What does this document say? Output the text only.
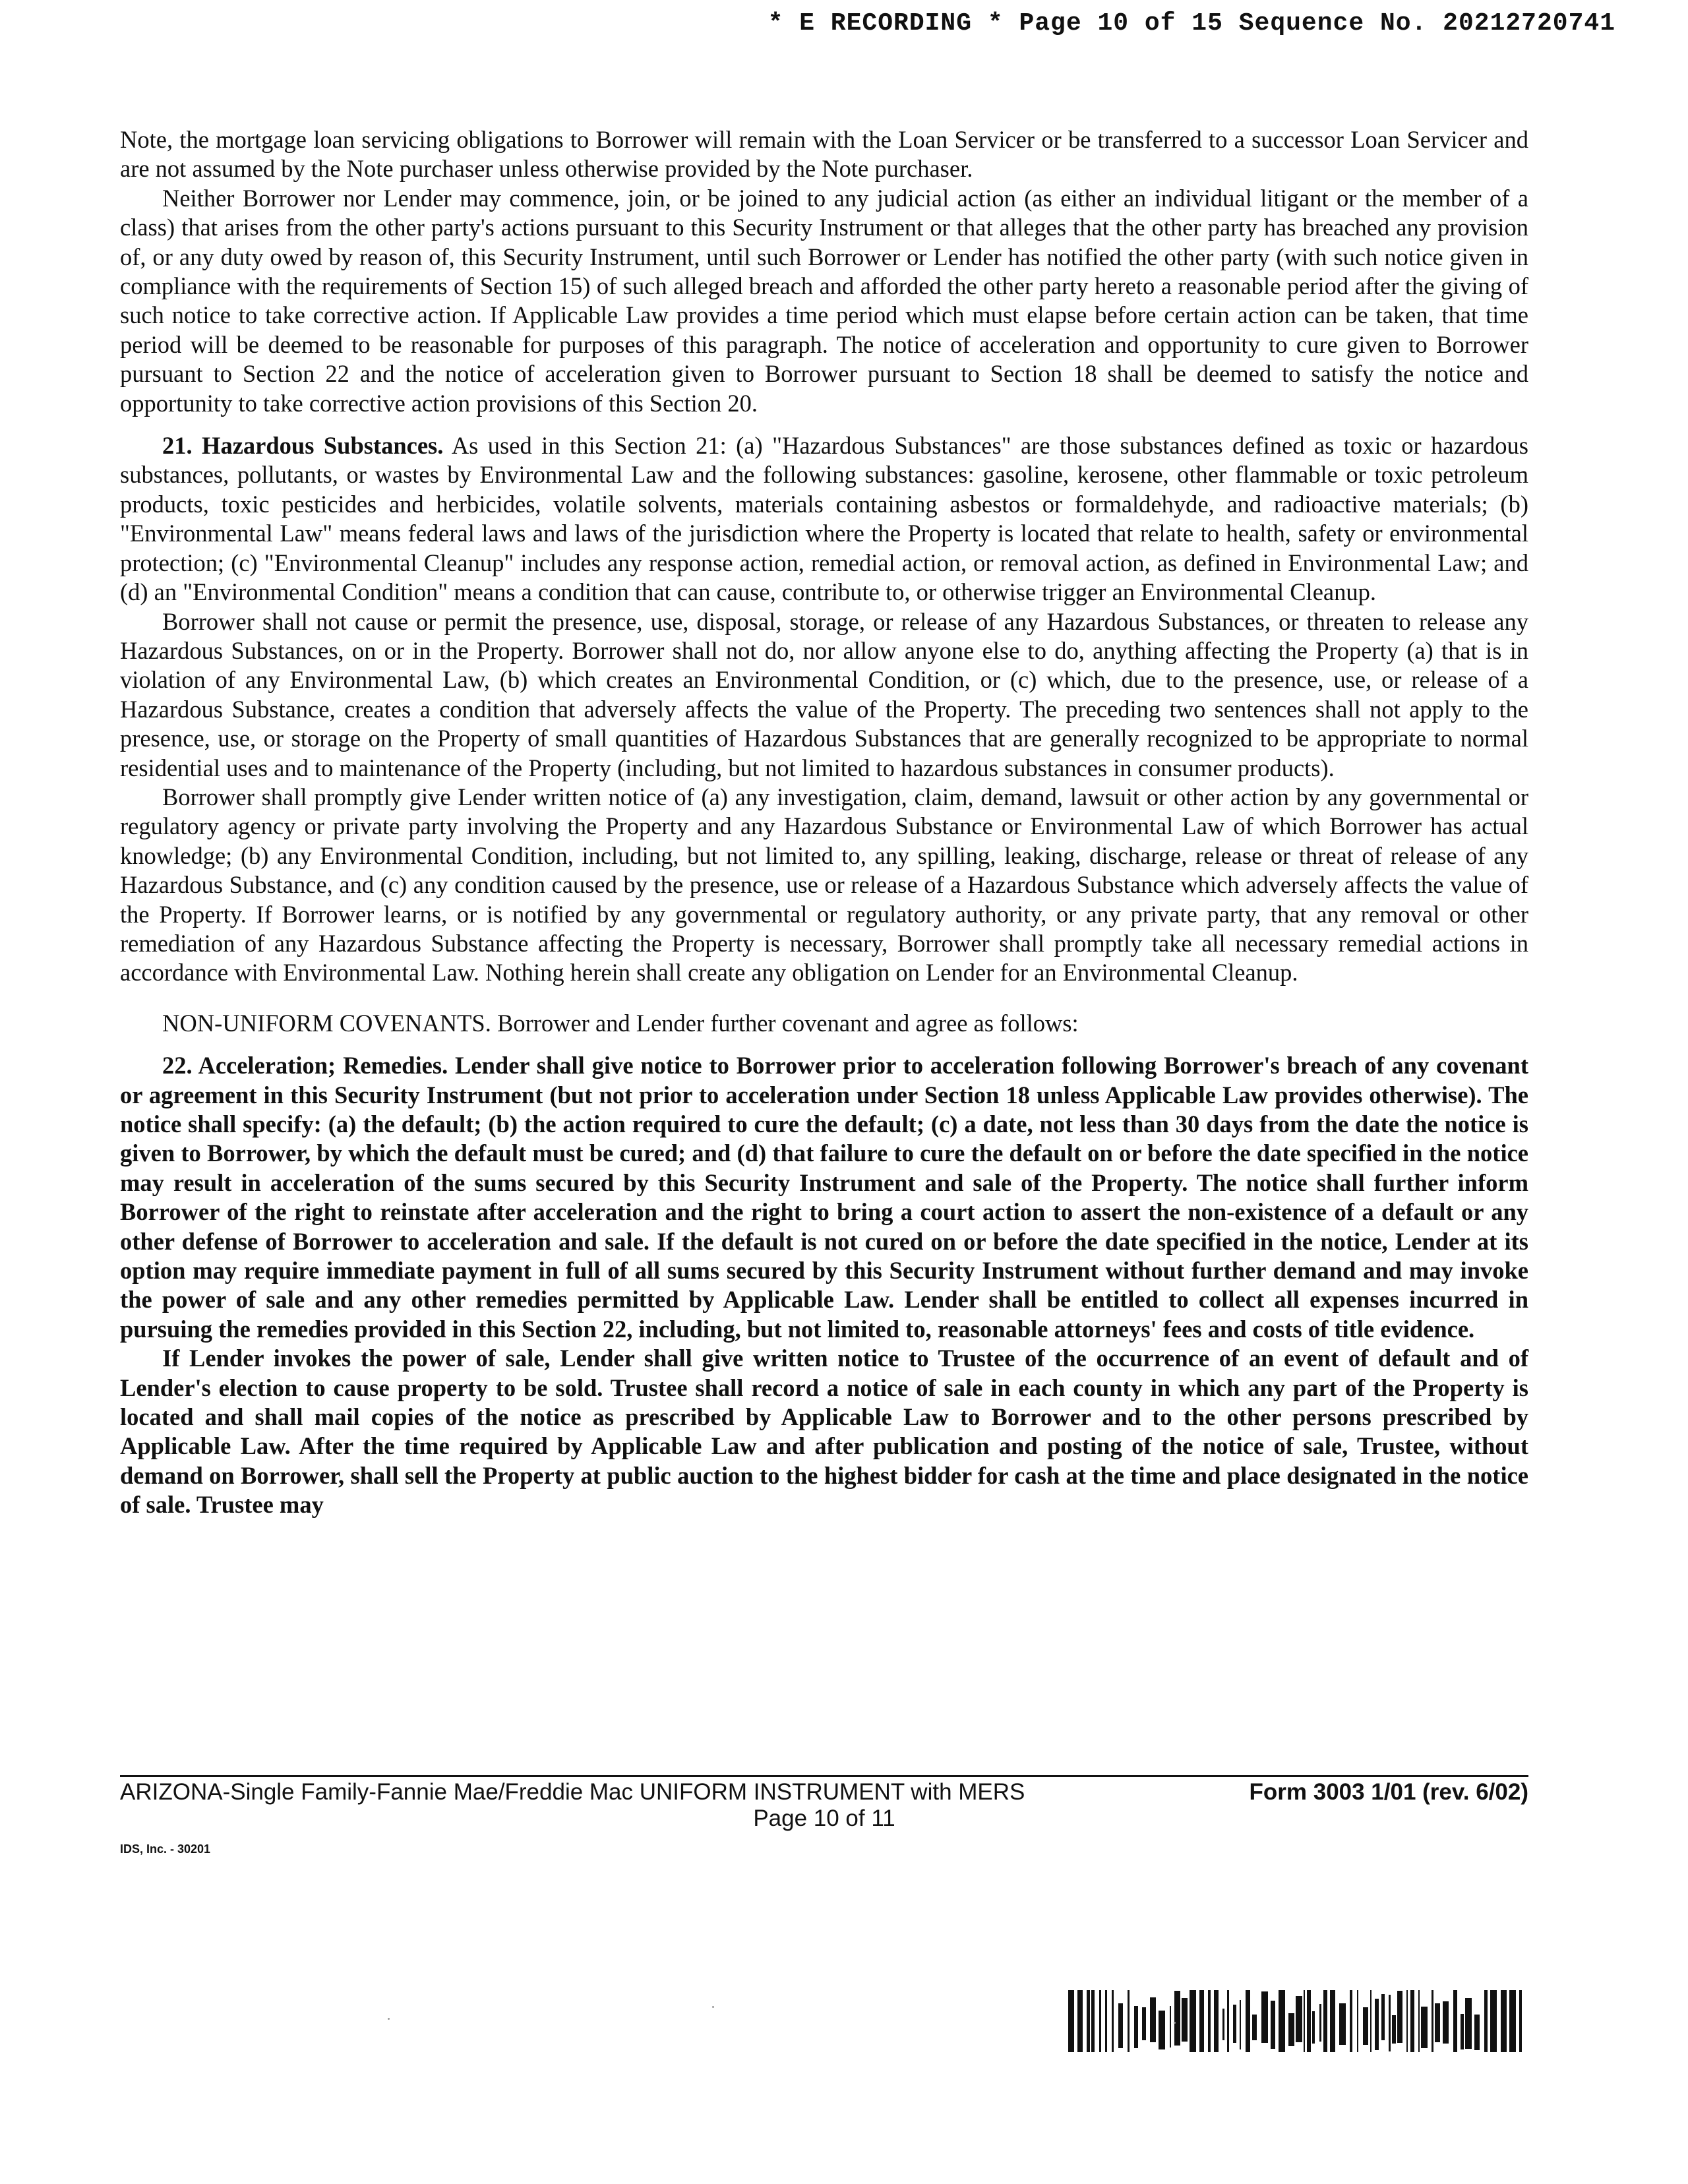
* E RECORDING * Page 10 of 15 Sequence No. 20212720741

Note, the mortgage loan servicing obligations to Borrower will remain with the Loan Servicer or be transferred to a successor Loan Servicer and are not assumed by the Note purchaser unless otherwise provided by the Note purchaser.

Neither Borrower nor Lender may commence, join, or be joined to any judicial action (as either an individual litigant or the member of a class) that arises from the other party's actions pursuant to this Security Instrument or that alleges that the other party has breached any provision of, or any duty owed by reason of, this Security Instrument, until such Borrower or Lender has notified the other party (with such notice given in compliance with the requirements of Section 15) of such alleged breach and afforded the other party hereto a reasonable period after the giving of such notice to take corrective action. If Applicable Law provides a time period which must elapse before certain action can be taken, that time period will be deemed to be reasonable for purposes of this paragraph. The notice of acceleration and opportunity to cure given to Borrower pursuant to Section 22 and the notice of acceleration given to Borrower pursuant to Section 18 shall be deemed to satisfy the notice and opportunity to take corrective action provisions of this Section 20.

21. Hazardous Substances. As used in this Section 21: (a) "Hazardous Substances" are those substances defined as toxic or hazardous substances, pollutants, or wastes by Environmental Law and the following substances: gasoline, kerosene, other flammable or toxic petroleum products, toxic pesticides and herbicides, volatile solvents, materials containing asbestos or formaldehyde, and radioactive materials; (b) "Environmental Law" means federal laws and laws of the jurisdiction where the Property is located that relate to health, safety or environmental protection; (c) "Environmental Cleanup" includes any response action, remedial action, or removal action, as defined in Environmental Law; and (d) an "Environmental Condition" means a condition that can cause, contribute to, or otherwise trigger an Environmental Cleanup.

Borrower shall not cause or permit the presence, use, disposal, storage, or release of any Hazardous Substances, or threaten to release any Hazardous Substances, on or in the Property. Borrower shall not do, nor allow anyone else to do, anything affecting the Property (a) that is in violation of any Environmental Law, (b) which creates an Environmental Condition, or (c) which, due to the presence, use, or release of a Hazardous Substance, creates a condition that adversely affects the value of the Property. The preceding two sentences shall not apply to the presence, use, or storage on the Property of small quantities of Hazardous Substances that are generally recognized to be appropriate to normal residential uses and to maintenance of the Property (including, but not limited to hazardous substances in consumer products).

Borrower shall promptly give Lender written notice of (a) any investigation, claim, demand, lawsuit or other action by any governmental or regulatory agency or private party involving the Property and any Hazardous Substance or Environmental Law of which Borrower has actual knowledge; (b) any Environmental Condition, including, but not limited to, any spilling, leaking, discharge, release or threat of release of any Hazardous Substance, and (c) any condition caused by the presence, use or release of a Hazardous Substance which adversely affects the value of the Property. If Borrower learns, or is notified by any governmental or regulatory authority, or any private party, that any removal or other remediation of any Hazardous Substance affecting the Property is necessary, Borrower shall promptly take all necessary remedial actions in accordance with Environmental Law. Nothing herein shall create any obligation on Lender for an Environmental Cleanup.

NON-UNIFORM COVENANTS. Borrower and Lender further covenant and agree as follows:

22. Acceleration; Remedies. Lender shall give notice to Borrower prior to acceleration following Borrower's breach of any covenant or agreement in this Security Instrument (but not prior to acceleration under Section 18 unless Applicable Law provides otherwise). The notice shall specify: (a) the default; (b) the action required to cure the default; (c) a date, not less than 30 days from the date the notice is given to Borrower, by which the default must be cured; and (d) that failure to cure the default on or before the date specified in the notice may result in acceleration of the sums secured by this Security Instrument and sale of the Property. The notice shall further inform Borrower of the right to reinstate after acceleration and the right to bring a court action to assert the non-existence of a default or any other defense of Borrower to acceleration and sale. If the default is not cured on or before the date specified in the notice, Lender at its option may require immediate payment in full of all sums secured by this Security Instrument without further demand and may invoke the power of sale and any other remedies permitted by Applicable Law. Lender shall be entitled to collect all expenses incurred in pursuing the remedies provided in this Section 22, including, but not limited to, reasonable attorneys' fees and costs of title evidence.

If Lender invokes the power of sale, Lender shall give written notice to Trustee of the occurrence of an event of default and of Lender's election to cause property to be sold. Trustee shall record a notice of sale in each county in which any part of the Property is located and shall mail copies of the notice as prescribed by Applicable Law to Borrower and to the other persons prescribed by Applicable Law. After the time required by Applicable Law and after publication and posting of the notice of sale, Trustee, without demand on Borrower, shall sell the Property at public auction to the highest bidder for cash at the time and place designated in the notice of sale. Trustee may

ARIZONA-Single Family-Fannie Mae/Freddie Mac UNIFORM INSTRUMENT with MERS	Form 3003 1/01 (rev. 6/02)
Page 10 of 11
IDS, Inc. - 30201
